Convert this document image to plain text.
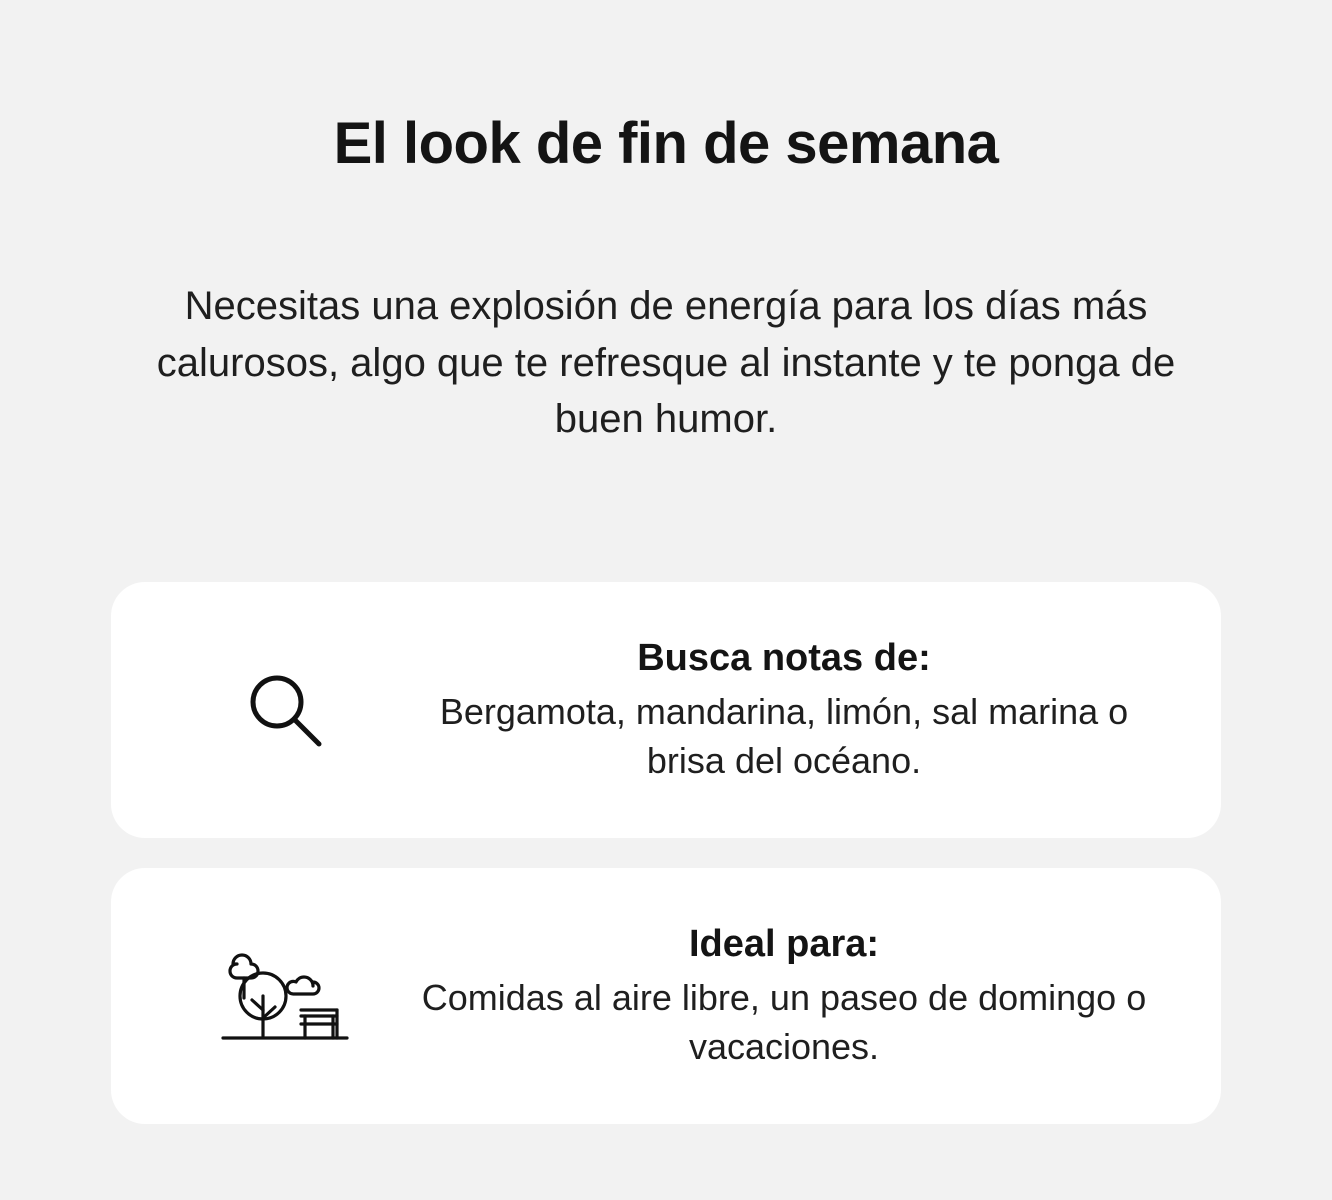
El look de fin de semana

Necesitas una explosión de energía para los días más calurosos, algo que te refresque al instante y te ponga de buen humor.

Busca notas de:
Bergamota, mandarina, limón, sal marina o brisa del océano.
Ideal para:
Comidas al aire libre, un paseo de domingo o vacaciones.
